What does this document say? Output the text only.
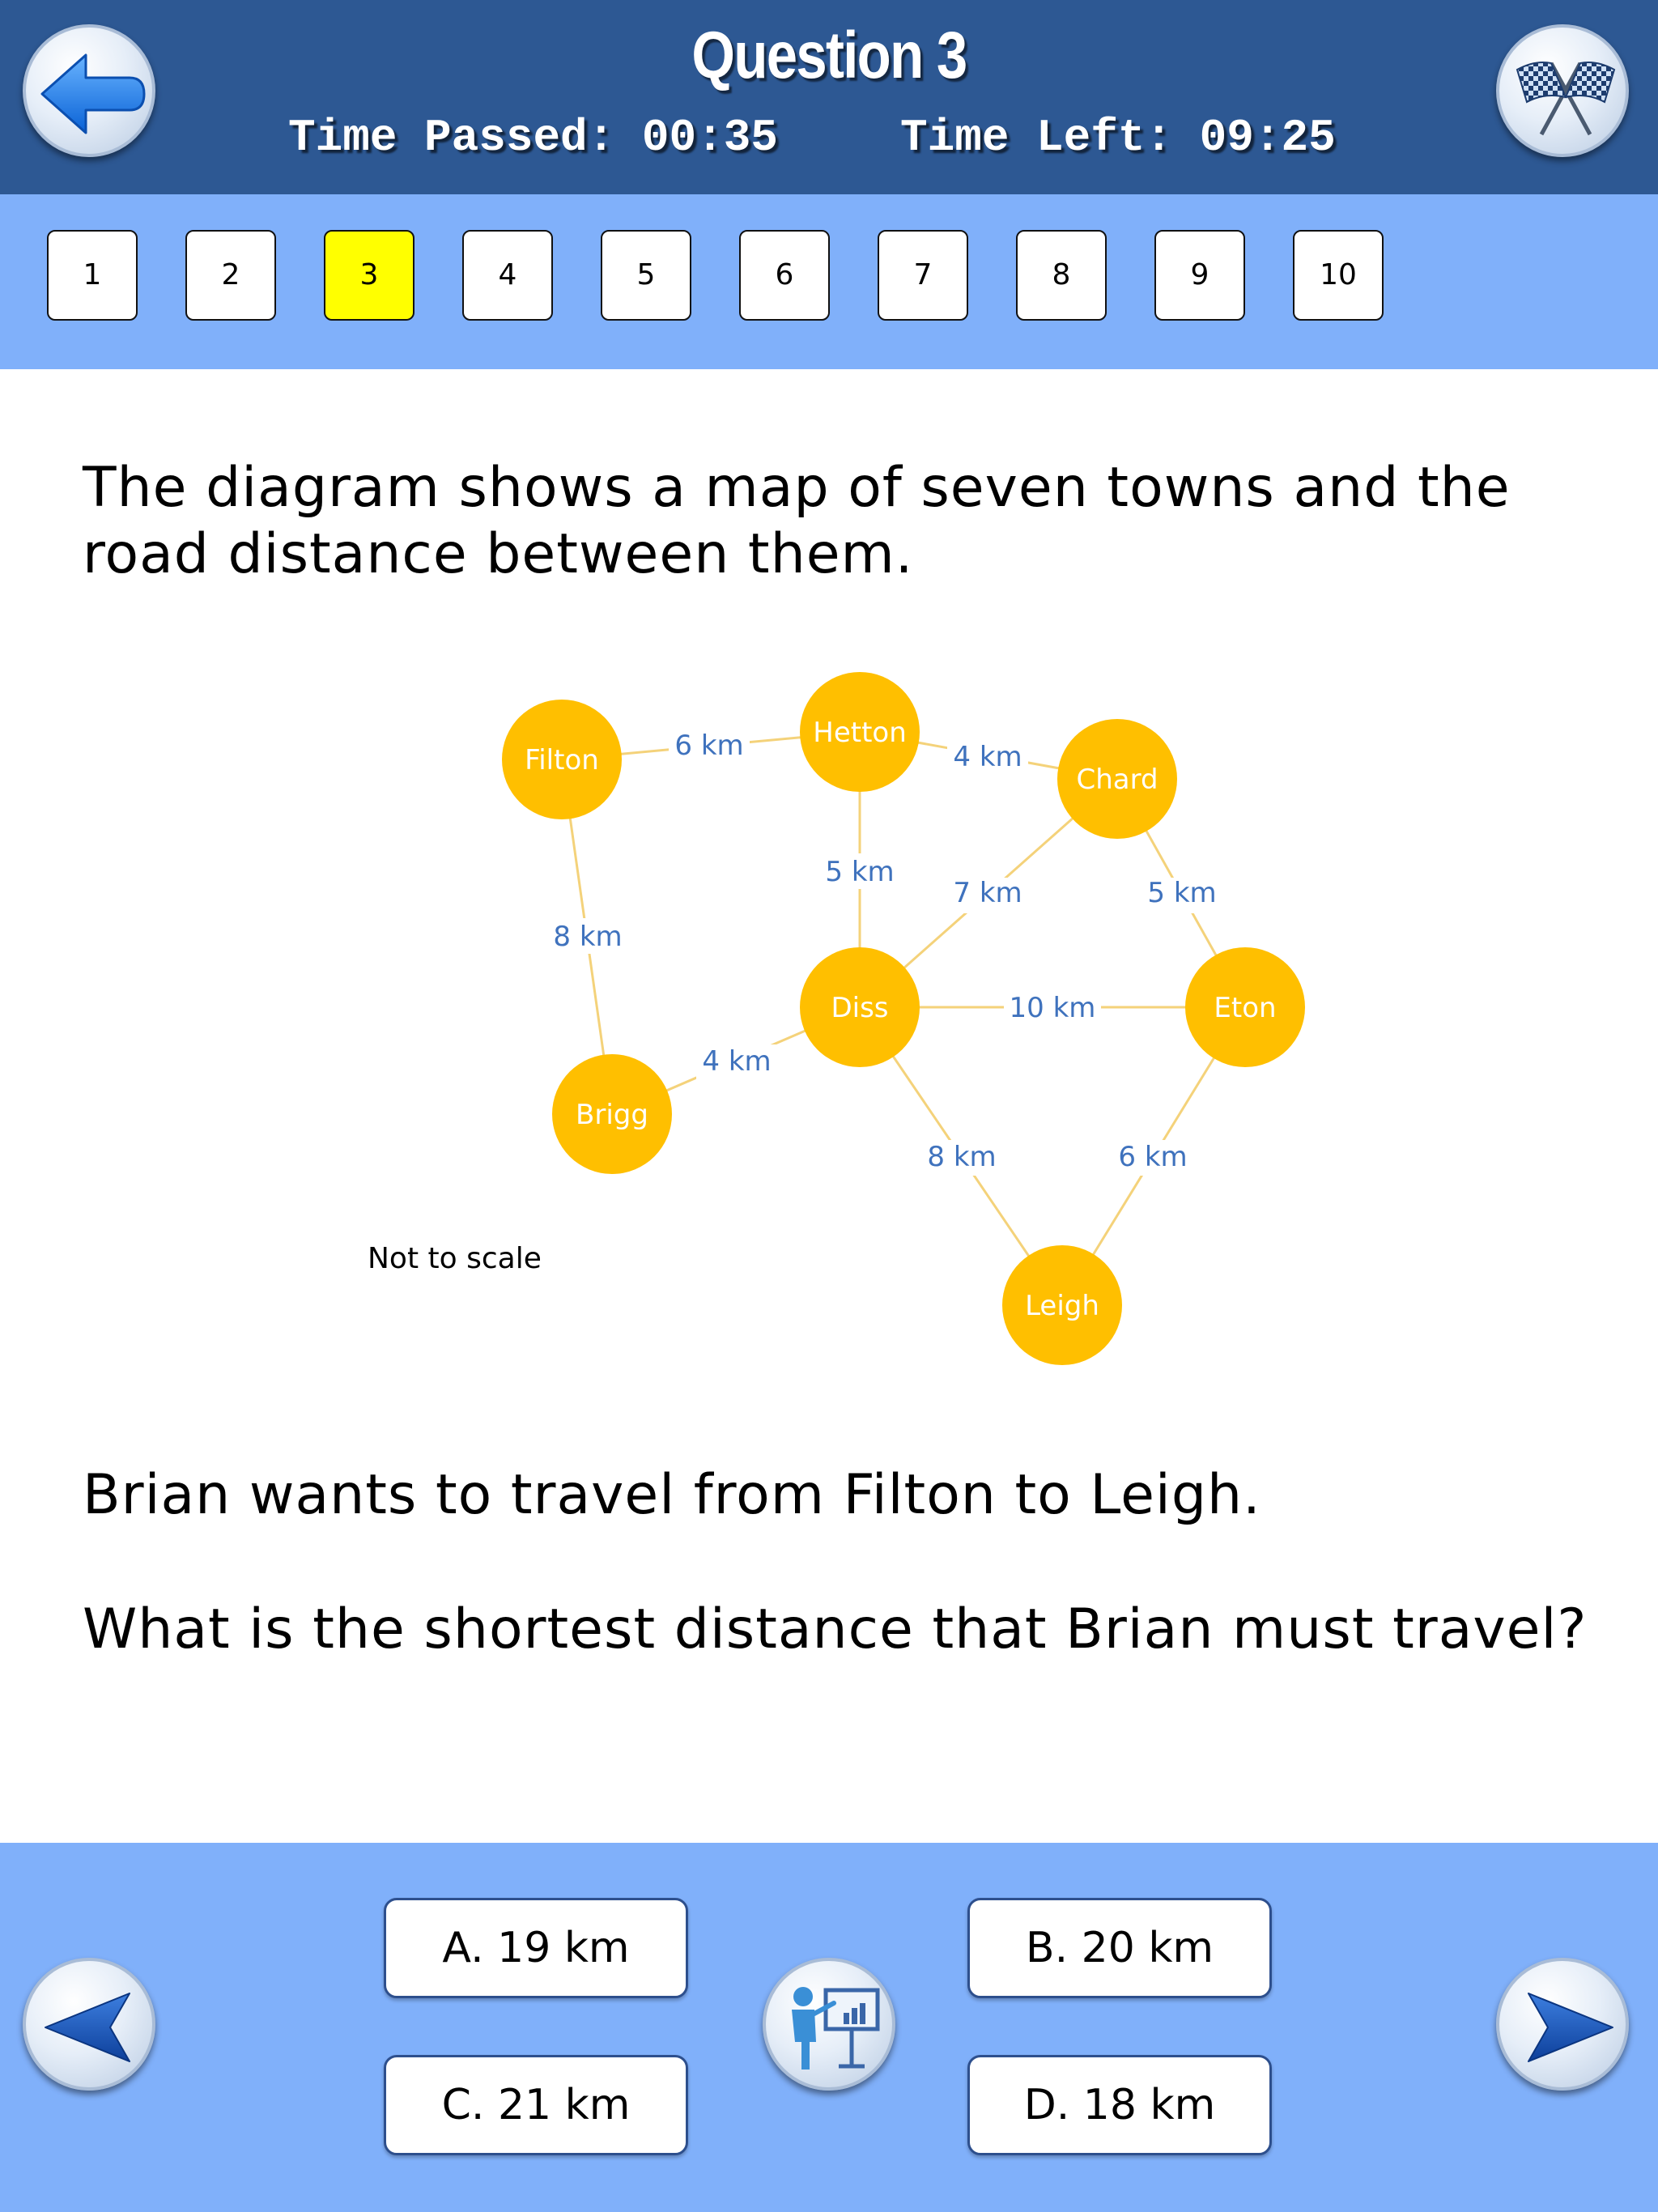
Question 3
Time Passed: 00:35	Time Left: 09:25
1	2	3	4	5	6	7	8	9	10
The diagram shows a map of seven towns and the
road distance between them.
6 km	4 km
5 km
7 km	5 km
8 km
10 km
4 km
8 km	6 km
Filton
Hetton
Chard
Diss	Eton
Brigg
Leigh
Not to scale
Brian wants to travel from Filton to Leigh.
What is the shortest distance that Brian must travel?
A. 19 km
C. 21 km
B. 20 km
D. 18 km
